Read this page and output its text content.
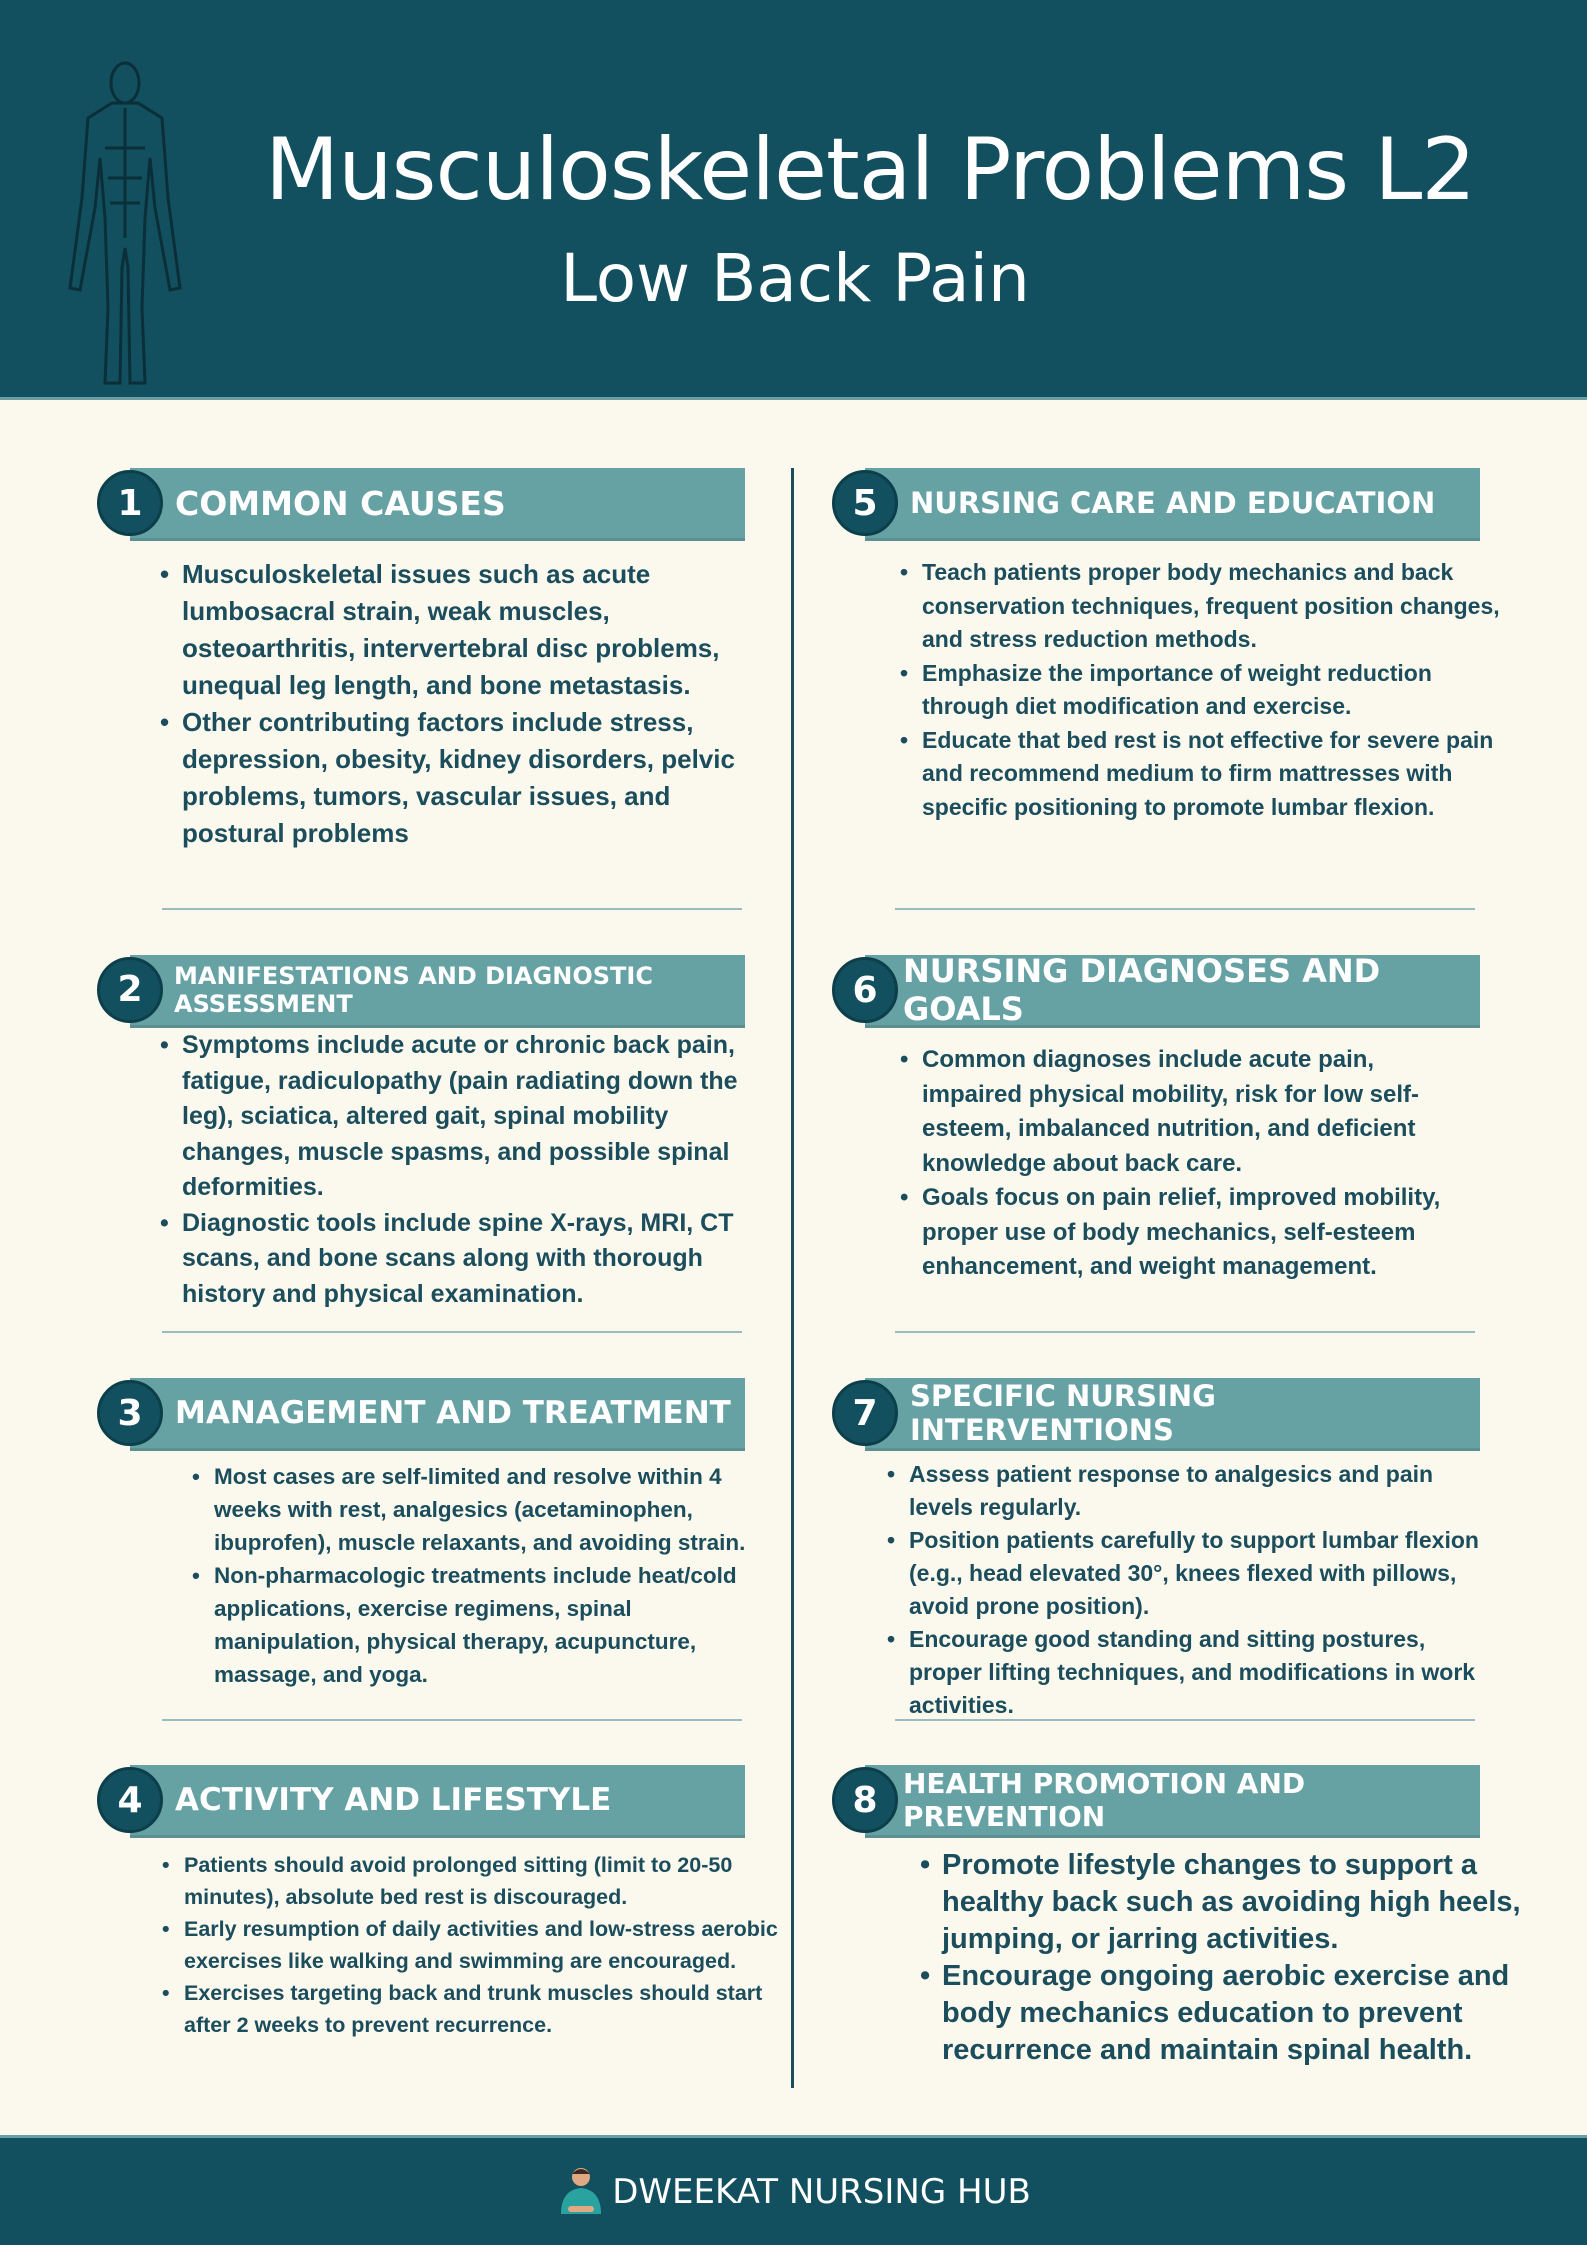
Musculoskeletal Problems L2
Low Back Pain
1 COMMON CAUSES
• Musculoskeletal issues such as acute lumbosacral strain, weak muscles, osteoarthritis, intervertebral disc problems, unequal leg length, and bone metastasis.
• Other contributing factors include stress, depression, obesity, kidney disorders, pelvic problems, tumors, vascular issues, and postural problems
2	MANIFESTATIONS AND DIAGNOSTIC ASSESSMENT
• Symptoms include acute or chronic back pain, fatigue, radiculopathy (pain radiating down the leg), sciatica, altered gait, spinal mobility changes, muscle spasms, and possible spinal deformities.
• Diagnostic tools include spine X-rays, MRI, CT scans, and bone scans along with thorough history and physical examination.
3	MANAGEMENT AND TREATMENT
• Most cases are self-limited and resolve within 4 weeks with rest, analgesics (acetaminophen, ibuprofen), muscle relaxants, and avoiding strain.
• Non-pharmacologic treatments include heat/cold applications, exercise regimens, spinal manipulation, physical therapy, acupuncture, massage, and yoga.
4	ACTIVITY AND LIFESTYLE
• Patients should avoid prolonged sitting (limit to 20-50 minutes), absolute bed rest is discouraged.
• Early resumption of daily activities and low-stress aerobic exercises like walking and swimming are encouraged.
• Exercises targeting back and trunk muscles should start after 2 weeks to prevent recurrence.
5	NURSING CARE AND EDUCATION
• Teach patients proper body mechanics and back conservation techniques, frequent position changes, and stress reduction methods.
• Emphasize the importance of weight reduction through diet modification and exercise.
• Educate that bed rest is not effective for severe pain and recommend medium to firm mattresses with specific positioning to promote lumbar flexion.
6 NURSING DIAGNOSES AND GOALS
• Common diagnoses include acute pain, impaired physical mobility, risk for low self-esteem, imbalanced nutrition, and deficient knowledge about back care.
• Goals focus on pain relief, improved mobility, proper use of body mechanics, self-esteem enhancement, and weight management.
7	SPECIFIC NURSING INTERVENTIONS
• Assess patient response to analgesics and pain levels regularly.
• Position patients carefully to support lumbar flexion (e.g., head elevated 30°, knees flexed with pillows, avoid prone position).
• Encourage good standing and sitting postures, proper lifting techniques, and modifications in work activities.
8 HEALTH PROMOTION AND PREVENTION
• Promote lifestyle changes to support a healthy back such as avoiding high heels, jumping, or jarring activities.
• Encourage ongoing aerobic exercise and body mechanics education to prevent recurrence and maintain spinal health.
DWEEKAT NURSING HUB
